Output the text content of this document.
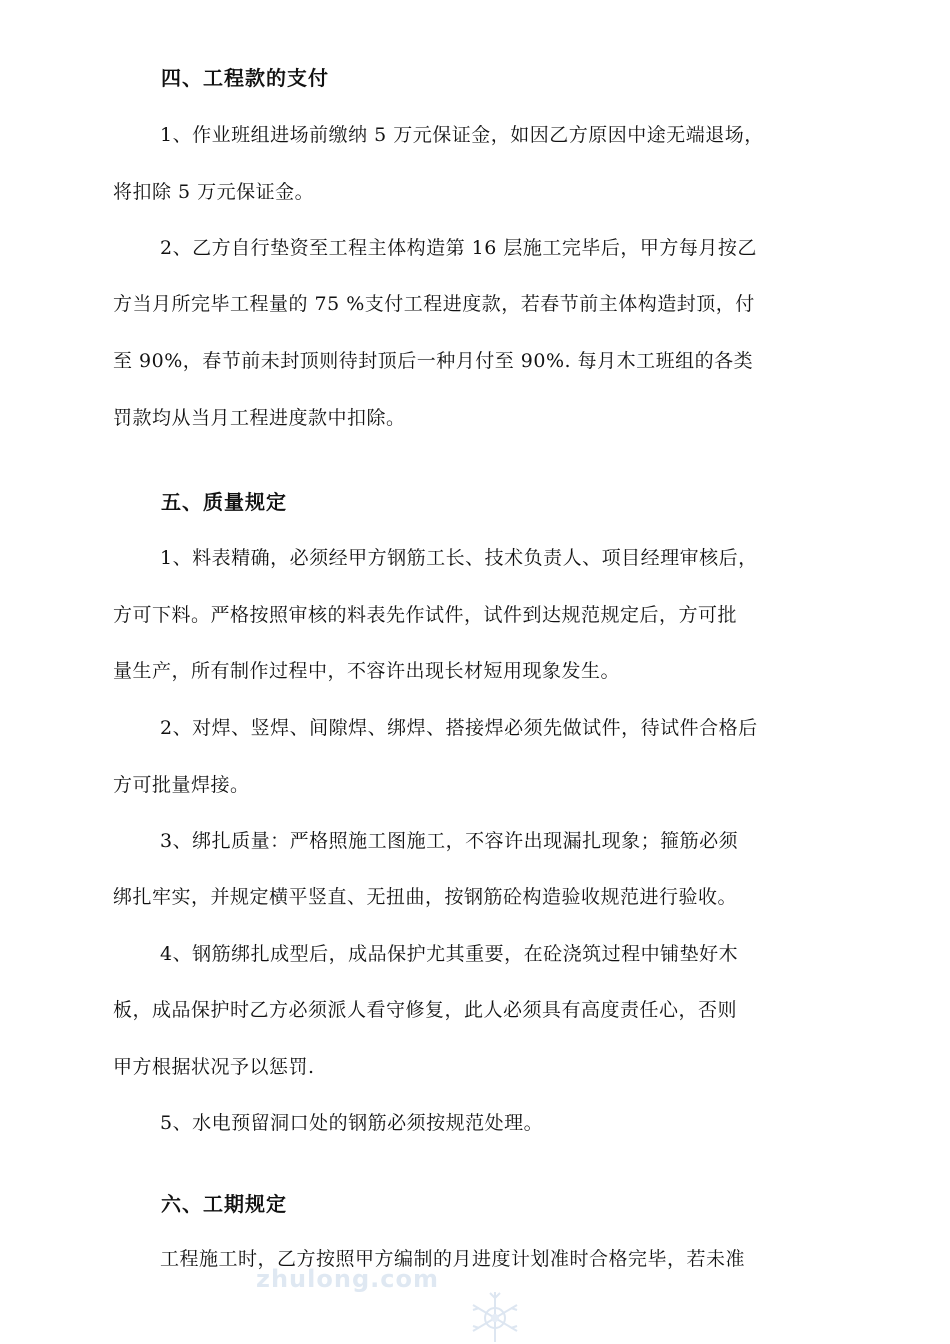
四、工程款的支付
1、作业班组进场前缴纳 5 万元保证金，如因乙方原因中途无端退场，
将扣除 5 万元保证金。
2、乙方自行垫资至工程主体构造第 16 层施工完毕后，甲方每月按乙
方当月所完毕工程量的 75 %支付工程进度款，若春节前主体构造封顶，付
至 90%，春节前未封顶则待封顶后一种月付至 90%. 每月木工班组的各类
罚款均从当月工程进度款中扣除。
五、质量规定
1、料表精确，必须经甲方钢筋工长、技术负责人、项目经理审核后，
方可下料。严格按照审核的料表先作试件，试件到达规范规定后，方可批
量生产，所有制作过程中，不容许出现长材短用现象发生。
2、对焊、竖焊、间隙焊、绑焊、搭接焊必须先做试件，待试件合格后
方可批量焊接。
3、绑扎质量：严格照施工图施工，不容许出现漏扎现象；箍筋必须
绑扎牢实，并规定横平竖直、无扭曲，按钢筋砼构造验收规范进行验收。
4、钢筋绑扎成型后，成品保护尤其重要，在砼浇筑过程中铺垫好木
板，成品保护时乙方必须派人看守修复，此人必须具有高度责任心，否则
甲方根据状况予以惩罚.
5、水电预留洞口处的钢筋必须按规范处理。
六、工期规定
工程施工时，乙方按照甲方编制的月进度计划准时合格完毕，若未准
zhulong.com
